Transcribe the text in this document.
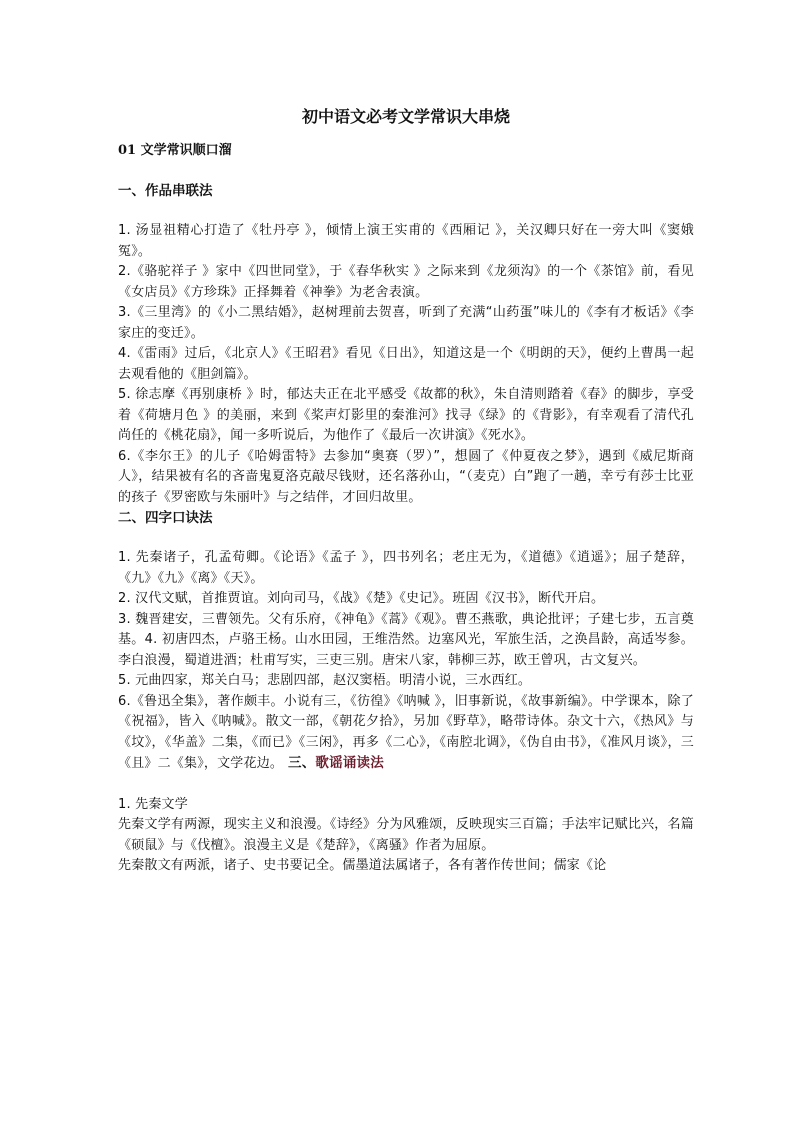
初中语文必考文学常识大串烧
01 文学常识顺口溜
一、作品串联法
1. 汤显祖精心打造了《牡丹亭 》，倾情上演王实甫的《西厢记 》，关汉卿只好在一旁大叫《窦娥冤》。
2.《骆驼祥子 》家中《四世同堂》，于《春华秋实 》之际来到《龙须沟》的一个《茶馆》前，看见《女店员》《方珍珠》正择舞着《神拳》为老舍表演。
3.《三里湾》的《小二黑结婚》，赵树理前去贺喜，听到了充满“山药蛋”味儿的《李有才板话》《李家庄的变迁》。
4.《雷雨》过后，《北京人》《王昭君》看见《日出》，知道这是一个《明朗的天》，便约上曹禺一起去观看他的《胆剑篇》。
5. 徐志摩《再别康桥 》时，郁达夫正在北平感受《故都的秋》，朱自清则踏着《春》的脚步，享受着《荷塘月色 》的美丽，来到《桨声灯影里的秦淮河》找寻《绿》的《背影》，有幸观看了清代孔尚任的《桃花扇》，闻一多听说后，为他作了《最后一次讲演》《死水》。
6.《李尔王》的儿子《哈姆雷特》去参加“奥赛（罗）”，想圆了《仲夏夜之梦》，遇到《威尼斯商人》，结果被有名的吝啬鬼夏洛克敲尽钱财，还名落孙山，“（麦克）白”跑了一趟，幸亏有莎士比亚的孩子《罗密欧与朱丽叶》与之结伴，才回归故里。
二、四字口诀法
1. 先秦诸子，孔孟荀卿。《论语》《孟子 》，四书列名；老庄无为，《道德》《逍遥》；屈子楚辞，《九》《九》《离》《天》。
2. 汉代文赋，首推贾谊。刘向司马，《战》《楚》《史记》。班固《汉书》，断代开启。
3. 魏晋建安，三曹领先。父有乐府，《神龟》《蒿》《观》。曹丕燕歌，典论批评；子建七步，五言奠基。4. 初唐四杰，卢骆王杨。山水田园，王维浩然。边塞风光，军旅生活，之涣昌龄，高适岑参。李白浪漫，蜀道进酒；杜甫写实，三吏三别。唐宋八家，韩柳三苏，欧王曾巩，古文复兴。
5. 元曲四家，郑关白马；悲剧四部，赵汉窦梧。明清小说，三水西红。
6.《鲁迅全集》，著作颇丰。小说有三，《彷徨》《呐喊 》，旧事新说，《故事新编》。中学课本，除了《祝福》，皆入《呐喊》。散文一部，《朝花夕拾》，另加《野草》，略带诗体。杂文十六，《热风》与《坟》，《华盖》二集，《而已》《三闲》，再多《二心》，《南腔北调》，《伪自由书》，《准风月谈》，三《且》二《集》，文学花边。 三、歌谣诵读法
1. 先秦文学
先秦文学有两源，现实主义和浪漫。《诗经》分为风雅颂，反映现实三百篇；手法牢记赋比兴，名篇《硕鼠》与《伐檀》。浪漫主义是《楚辞》，《离骚》作者为屈原。
先秦散文有两派，诸子、史书要记全。儒墨道法属诸子，各有著作传世间；儒家《论
